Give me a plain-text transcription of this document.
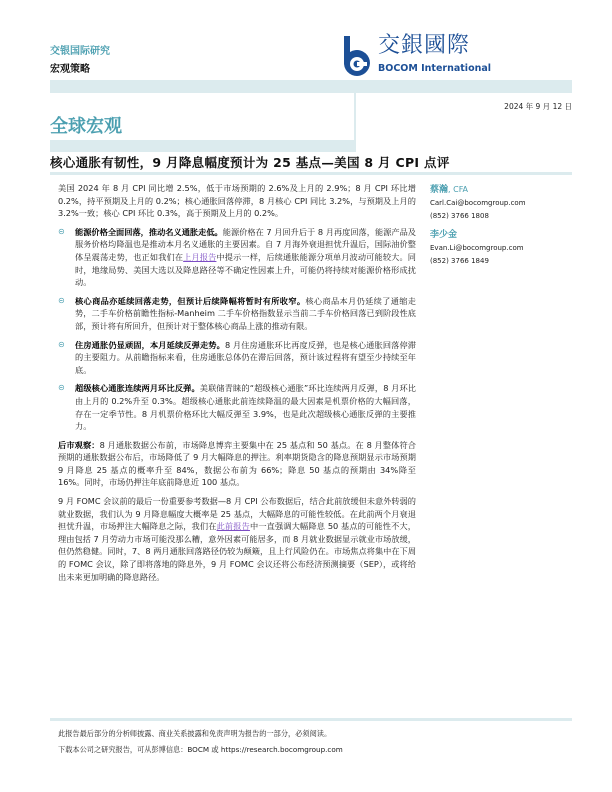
交银国际研究
宏观策略
交銀國際
BOCOM International
2024 年 9 月 12 日
全球宏观
核心通胀有韧性，9 月降息幅度预计为 25 基点—美国 8 月 CPI 点评
蔡瀚, CFA
Carl.Cai@bocomgroup.com
(852) 3766 1808
李少金
Evan.Li@bocomgroup.com
(852) 3766 1849
美国 2024 年 8 月 CPI 同比增 2.5%，低于市场预期的 2.6%及上月的 2.9%；8 月 CPI 环比增 0.2%，持平预期及上月的 0.2%；核心通胀回落停滞，8 月核心 CPI 同比 3.2%，与预期及上月的 3.2%一致；核心 CPI 环比 0.3%，高于预期及上月的 0.2%。
⊝	能源价格全面回落，推动名义通胀走低。能源价格在 7 月回升后于 8 月再度回落，能源产品及服务价格均降温也是推动本月名义通胀的主要因素。自 7 月海外衰退担忧升温后，国际油价整体呈震荡走势，也正如我们在上月报告中提示一样，后续通胀能源分项单月波动可能较大。同时，地缘局势、美国大选以及降息路径等不确定性因素上升，可能仍将持续对能源价格形成扰动。
⊝	核心商品亦延续回落走势，但预计后续降幅将暂时有所收窄。核心商品本月仍延续了通缩走势，二手车价格前瞻性指标-Manheim 二手车价格指数显示当前二手车价格回落已到阶段性底部，预计将有所回升，但预计对于整体核心商品上涨的推动有限。
⊝	住房通胀仍显顽固，本月延续反弹走势。8 月住房通胀环比再度反弹，也是核心通胀回落停滞的主要阻力。从前瞻指标来看，住房通胀总体仍在滞后回落，预计该过程将有望至少持续至年底。
⊝	超级核心通胀连续两月环比反弹。美联储青睐的“超级核心通胀”环比连续两月反弹，8 月环比由上月的 0.2%升至 0.3%。超级核心通胀此前连续降温的最大因素是机票价格的大幅回落，存在一定季节性。8 月机票价格环比大幅反弹至 3.9%，也是此次超级核心通胀反弹的主要推力。
后市观察：8 月通胀数据公布前，市场降息博弈主要集中在 25 基点和 50 基点。在 8 月整体符合预期的通胀数据公布后，市场降低了 9 月大幅降息的押注。利率期货隐含的降息预期显示市场预期 9 月降息 25 基点的概率升至 84%，数据公布前为 66%；降息 50 基点的预期由 34%降至 16%。同时，市场仍押注年底前降息近 100 基点。
9 月 FOMC 会议前的最后一份重要参考数据—8 月 CPI 公布数据后，结合此前放缓但未意外转弱的就业数据，我们认为 9 月降息幅度大概率是 25 基点，大幅降息的可能性较低。在此前两个月衰退担忧升温，市场押注大幅降息之际，我们在此前报告中一直强调大幅降息 50 基点的可能性不大，理由包括 7 月劳动力市场可能没那么糟，意外因素可能居多，而 8 月就业数据显示就业市场放缓，但仍然稳健。同时，7、8 两月通胀回落路径仍较为颠簸，且上行风险仍在。市场焦点将集中在下周的 FOMC 会议，除了即将落地的降息外，9 月 FOMC 会议还将公布经济预测摘要（SEP），或将给出未来更加明确的降息路径。
此报告最后部分的分析师披露、商业关系披露和免责声明为报告的一部分，必须阅读。
下载本公司之研究报告，可从彭博信息：BOCM 或 https://research.bocomgroup.com
